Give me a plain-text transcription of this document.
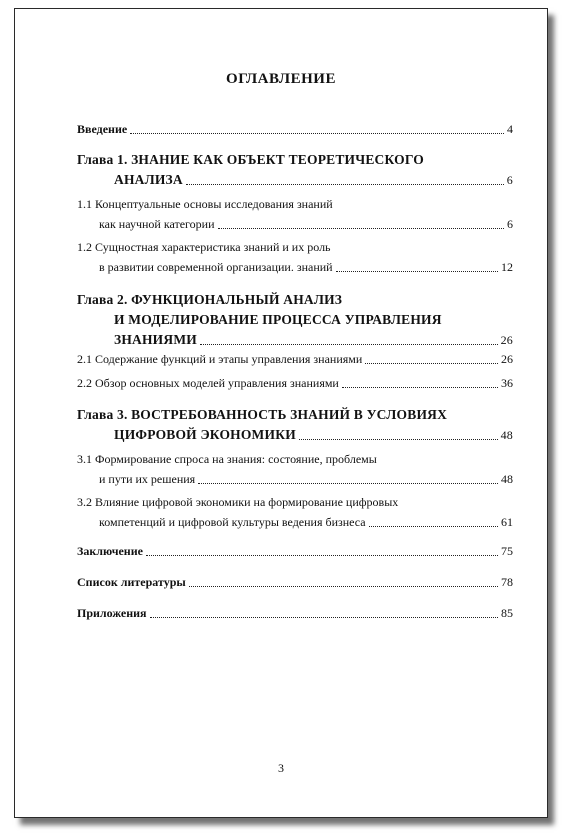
ОГЛАВЛЕНИЕ
Введение	4
Глава 1. ЗНАНИЕ КАК ОБЪЕКТ ТЕОРЕТИЧЕСКОГО
АНАЛИЗА	6
1.1 Концептуальные основы исследования знаний
как научной категории	6
1.2 Сущностная характеристика знаний и их роль
в развитии современной организации. знаний	12
Глава 2. ФУНКЦИОНАЛЬНЫЙ АНАЛИЗ
И МОДЕЛИРОВАНИЕ ПРОЦЕССА УПРАВЛЕНИЯ
ЗНАНИЯМИ	26
2.1 Содержание функций и этапы управления знаниями	26
2.2 Обзор основных моделей управления знаниями	36
Глава 3. ВОСТРЕБОВАННОСТЬ ЗНАНИЙ В УСЛОВИЯХ
ЦИФРОВОЙ ЭКОНОМИКИ	48
3.1 Формирование спроса на знания: состояние, проблемы
и пути их решения	48
3.2 Влияние цифровой экономики на формирование цифровых
компетенций и цифровой культуры ведения бизнеса	61
Заключение	75
Список литературы	78
Приложения	85
3
